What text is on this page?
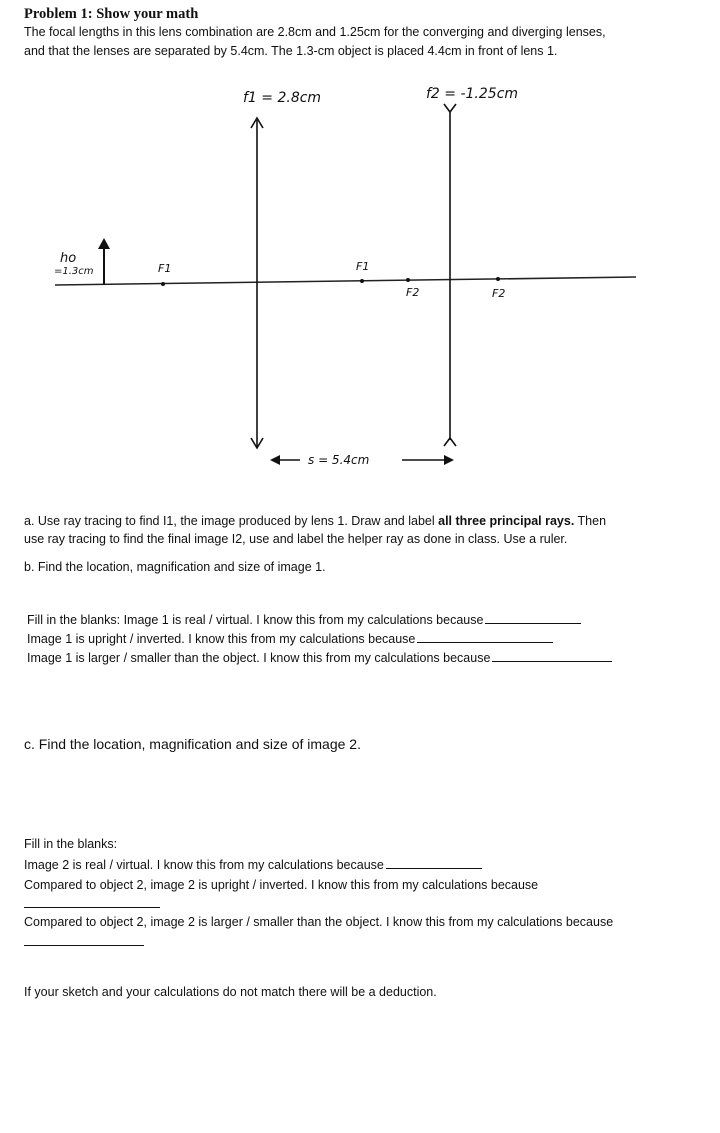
Problem 1: Show your math
The focal lengths in this lens combination are 2.8cm and 1.25cm for the converging and diverging lenses,
and that the lenses are separated by 5.4cm. The 1.3-cm object is placed 4.4cm in front of lens 1.
f1 = 2.8cm	f2 = -1.25cm
ho
=1.3cm	F1	F1
F2	F2
s = 5.4cm
a. Use ray tracing to find I1, the image produced by lens 1. Draw and label all three principal rays. Then
use ray tracing to find the final image I2, use and label the helper ray as done in class. Use a ruler.
b. Find the location, magnification and size of image 1.
Fill in the blanks: Image 1 is real / virtual. I know this from my calculations because
Image 1 is upright / inverted. I know this from my calculations because
Image 1 is larger / smaller than the object. I know this from my calculations because
c. Find the location, magnification and size of image 2.
Fill in the blanks:
Image 2 is real / virtual. I know this from my calculations because
Compared to object 2, image 2 is upright / inverted. I know this from my calculations because
Compared to object 2, image 2 is larger / smaller than the object. I know this from my calculations because
If your sketch and your calculations do not match there will be a deduction.
